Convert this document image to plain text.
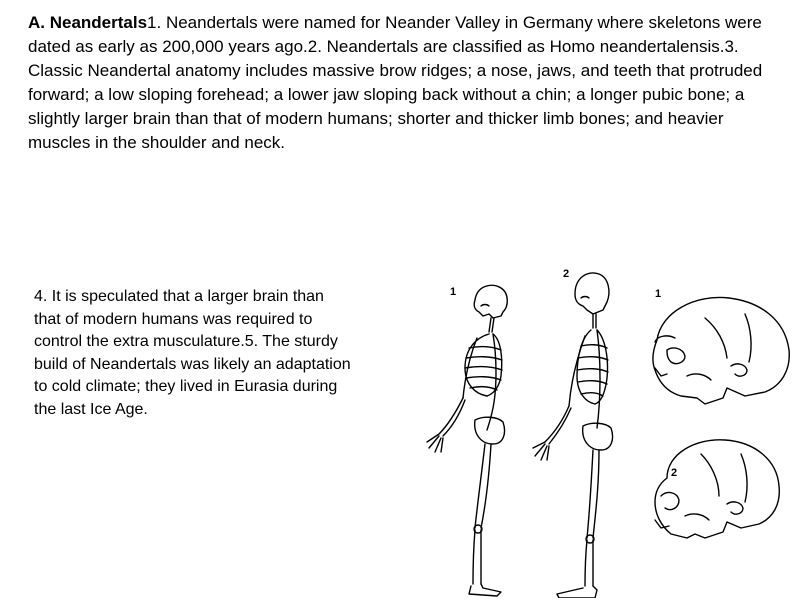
A. Neandertals1. Neandertals were named for Neander Valley in Germany where skeletons were dated as early as 200,000 years ago.2. Neandertals are classified as Homo neandertalensis.3. Classic Neandertal anatomy includes massive brow ridges; a nose, jaws, and teeth that protruded forward; a low sloping forehead; a lower jaw sloping back without a chin; a longer pubic bone; a slightly larger brain than that of modern humans; shorter and thicker limb bones; and heavier muscles in the shoulder and neck.

4. It is speculated that a larger brain than that of modern humans was required to control the extra musculature.5. The sturdy build of Neandertals was likely an adaptation to cold climate; they lived in Eurasia during the last Ice Age.

1
2
1
2
